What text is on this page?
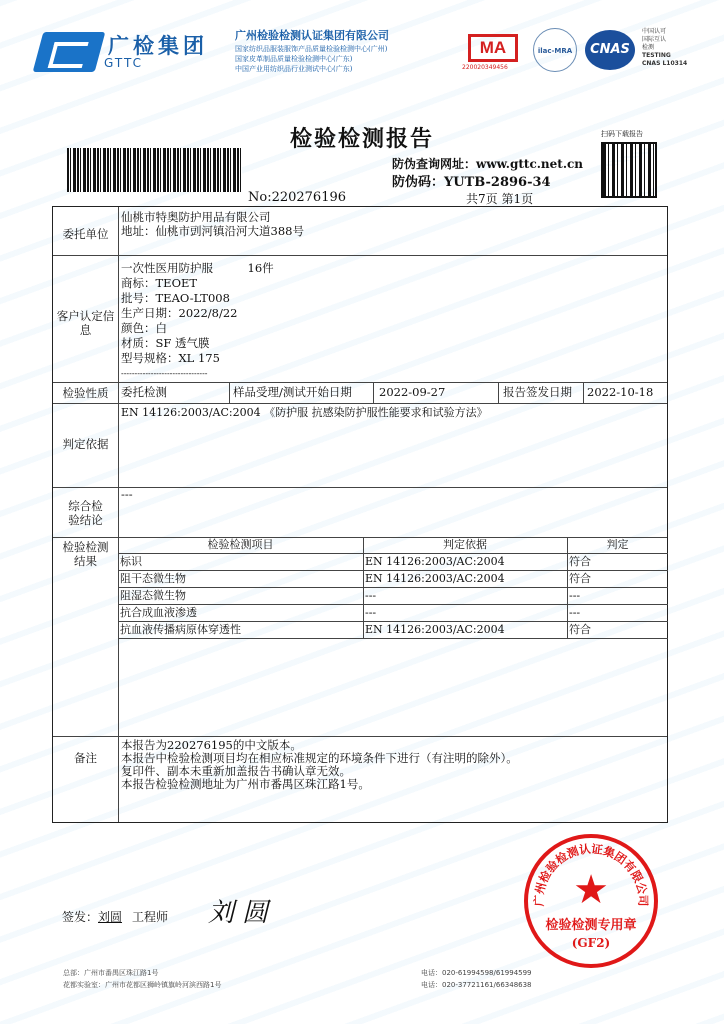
广检集团
GTTC
广州检验检测认证集团有限公司
国家纺织品服装服饰产品质量检验检测中心(广州)
国家皮革制品质量检验检测中心(广东)
中国产业用纺织品行业测试中心(广东)
MA
220020349456
ilac-MRA	CNAS
中国认可
国际互认
检测
TESTING
CNAS L10314
检验检测报告
No:220276196
防伪查询网址：www.gttc.net.cn
防伪码：YUTB-2896-34
共7页 第1页
扫码下载报告
委托单位
仙桃市特奥防护用品有限公司
地址：仙桃市剅河镇沿河大道388号
客户认定信息
一次性医用防护服　　　16件
商标：TEOET
批号：TEAO-LT008
生产日期：2022/8/22
颜色：白
材质：SF 透气膜
型号规格：XL 175
--------------------------------
检验性质	委托检测	样品受理/测试开始日期 2022-09-27	报告签发日期 2022-10-18
判定依据
EN 14126:2003/AC:2004 《防护服 抗感染防护服性能要求和试验方法》
综合检验结论
---
检验检测结果
检验检测项目	判定依据	判定
标识	EN 14126:2003/AC:2004	符合
阻干态微生物	EN 14126:2003/AC:2004	符合
阻湿态微生物	---	---
抗合成血液渗透	---	---
抗血液传播病原体穿透性	EN 14126:2003/AC:2004	符合
备注
本报告为220276195的中文版本。
本报告中检验检测项目均在相应标准规定的环境条件下进行（有注明的除外）。
复印件、副本未重新加盖报告书确认章无效。
本报告检验检测地址为广州市番禺区珠江路1号。
签发： 刘圆 工程师 刘圆	广州检验检测认证集团有限公司
★
检验检测专用章
(GF2)
总部：广州市番禺区珠江路1号
花都实验室：广州市花都区狮岭镇旗岭河滨西路1号
电话：020-61994598/61994599
电话：020-37721161/66348638
